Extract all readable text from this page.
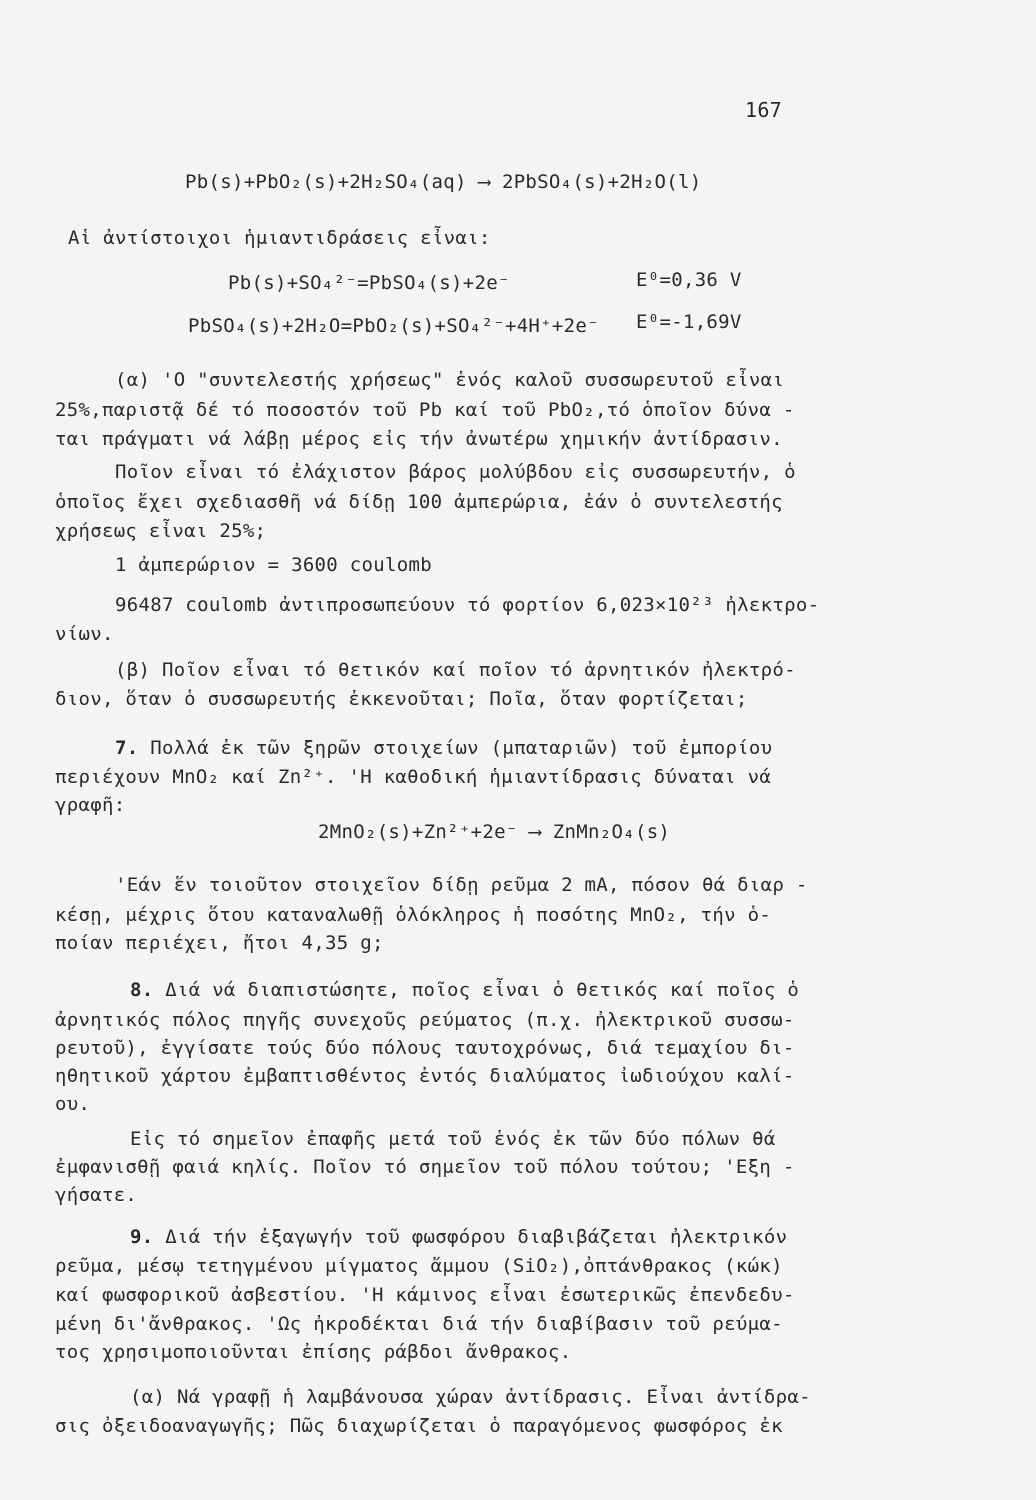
167
Pb(s)+PbO₂(s)+2H₂SO₄(aq) ⟶ 2PbSO₄(s)+2H₂O(l)
Αἱ ἀντίστοιχοι ἡμιαντιδράσεις εἶναι:
Pb(s)+SO₄²⁻=PbSO₄(s)+2e⁻	E⁰=0,36 V
PbSO₄(s)+2H₂O=PbO₂(s)+SO₄²⁻+4H⁺+2e⁻ E⁰=-1,69V
(α) 'Ο "συντελεστής χρήσεως" ἑνός καλοῦ συσσωρευτοῦ εἶναι
25%,παριστᾷ δέ τό ποσοστόν τοῦ Pb καί τοῦ PbO₂,τό ὁποῖον δύνα -
ται πράγματι νά λάβῃ μέρος εἰς τήν ἀνωτέρω χημικήν ἀντίδρασιν.
Ποῖον εἶναι τό ἐλάχιστον βάρος μολύβδου εἰς συσσωρευτήν, ὁ
ὁποῖος ἔχει σχεδιασθῆ νά δίδῃ 100 ἀμπερώρια, ἐάν ὁ συντελεστής
χρήσεως εἶναι 25%;
1 ἀμπερώριον = 3600 coulomb
96487 coulomb ἀντιπροσωπεύουν τό φορτίον 6,023×10²³ ἠλεκτρο-
νίων.
(β) Ποῖον εἶναι τό θετικόν καί ποῖον τό ἀρνητικόν ἠλεκτρό-
διον, ὅταν ὁ συσσωρευτής ἐκκενοῦται; Ποῖα, ὅταν φορτίζεται;
7. Πολλά ἐκ τῶν ξηρῶν στοιχείων (μπαταριῶν) τοῦ ἐμπορίου
περιέχουν MnO₂ καί Zn²⁺. 'Η καθοδική ἡμιαντίδρασις δύναται νά
γραφῆ:
2MnO₂(s)+Zn²⁺+2e⁻ ⟶ ZnMn₂O₄(s)
'Εάν ἕν τοιοῦτον στοιχεῖον δίδῃ ρεῦμα 2 mA, πόσον θά διαρ -
κέσῃ, μέχρις ὅτου καταναλωθῇ ὁλόκληρος ἡ ποσότης MnO₂, τήν ὁ-
ποίαν περιέχει, ἤτοι 4,35 g;
8. Διά νά διαπιστώσητε, ποῖος εἶναι ὁ θετικός καί ποῖος ὁ
ἀρνητικός πόλος πηγῆς συνεχοῦς ρεύματος (π.χ. ἠλεκτρικοῦ συσσω-
ρευτοῦ), ἐγγίσατε τούς δύο πόλους ταυτοχρόνως, διά τεμαχίου δι-
ηθητικοῦ χάρτου ἐμβαπτισθέντος ἐντός διαλύματος ἰωδιούχου καλί-
ου.
Εἰς τό σημεῖον ἐπαφῆς μετά τοῦ ἑνός ἐκ τῶν δύο πόλων θά
ἐμφανισθῇ φαιά κηλίς. Ποῖον τό σημεῖον τοῦ πόλου τούτου; 'Εξη -
γήσατε.
9. Διά τήν ἐξαγωγήν τοῦ φωσφόρου διαβιβάζεται ἠλεκτρικόν
ρεῦμα, μέσῳ τετηγμένου μίγματος ἄμμου (SiO₂),ὀπτάνθρακος (κώκ)
καί φωσφορικοῦ ἀσβεστίου. 'Η κάμινος εἶναι ἐσωτερικῶς ἐπενδεδυ-
μένη δι'ἄνθρακος. 'Ως ἠκροδέκται διά τήν διαβίβασιν τοῦ ρεύμα-
τος χρησιμοποιοῦνται ἐπίσης ράβδοι ἄνθρακος.
(α) Νά γραφῇ ἡ λαμβάνουσα χώραν ἀντίδρασις. Εἶναι ἀντίδρα-
σις ὀξειδοαναγωγῆς; Πῶς διαχωρίζεται ὁ παραγόμενος φωσφόρος ἐκ
